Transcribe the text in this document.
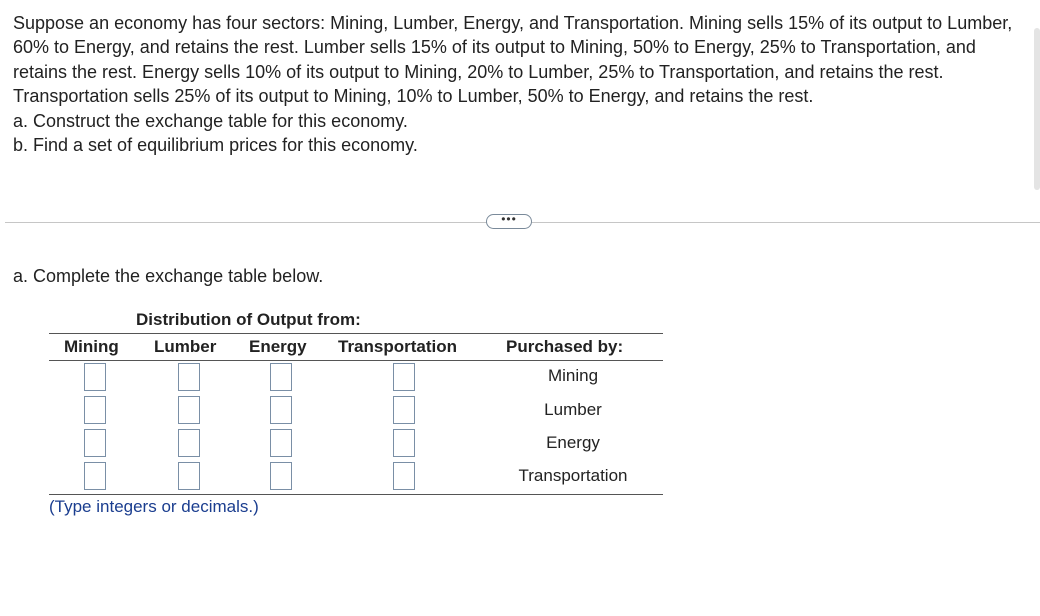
Suppose an economy has four sectors: Mining, Lumber, Energy, and Transportation. Mining sells 15% of its output to Lumber, 60% to Energy, and retains the rest. Lumber sells 15% of its output to Mining, 50% to Energy, 25% to Transportation, and retains the rest. Energy sells 10% of its output to Mining, 20% to Lumber, 25% to Transportation, and retains the rest. Transportation sells 25% of its output to Mining, 10% to Lumber, 50% to Energy, and retains the rest.

a. Construct the exchange table for this economy.

b. Find a set of equilibrium prices for this economy.

•••
a. Complete the exchange table below.
Distribution of Output from:
Mining Lumber Energy Transportation	Purchased by:
Mining
Lumber
Energy
Transportation
(Type integers or decimals.)
